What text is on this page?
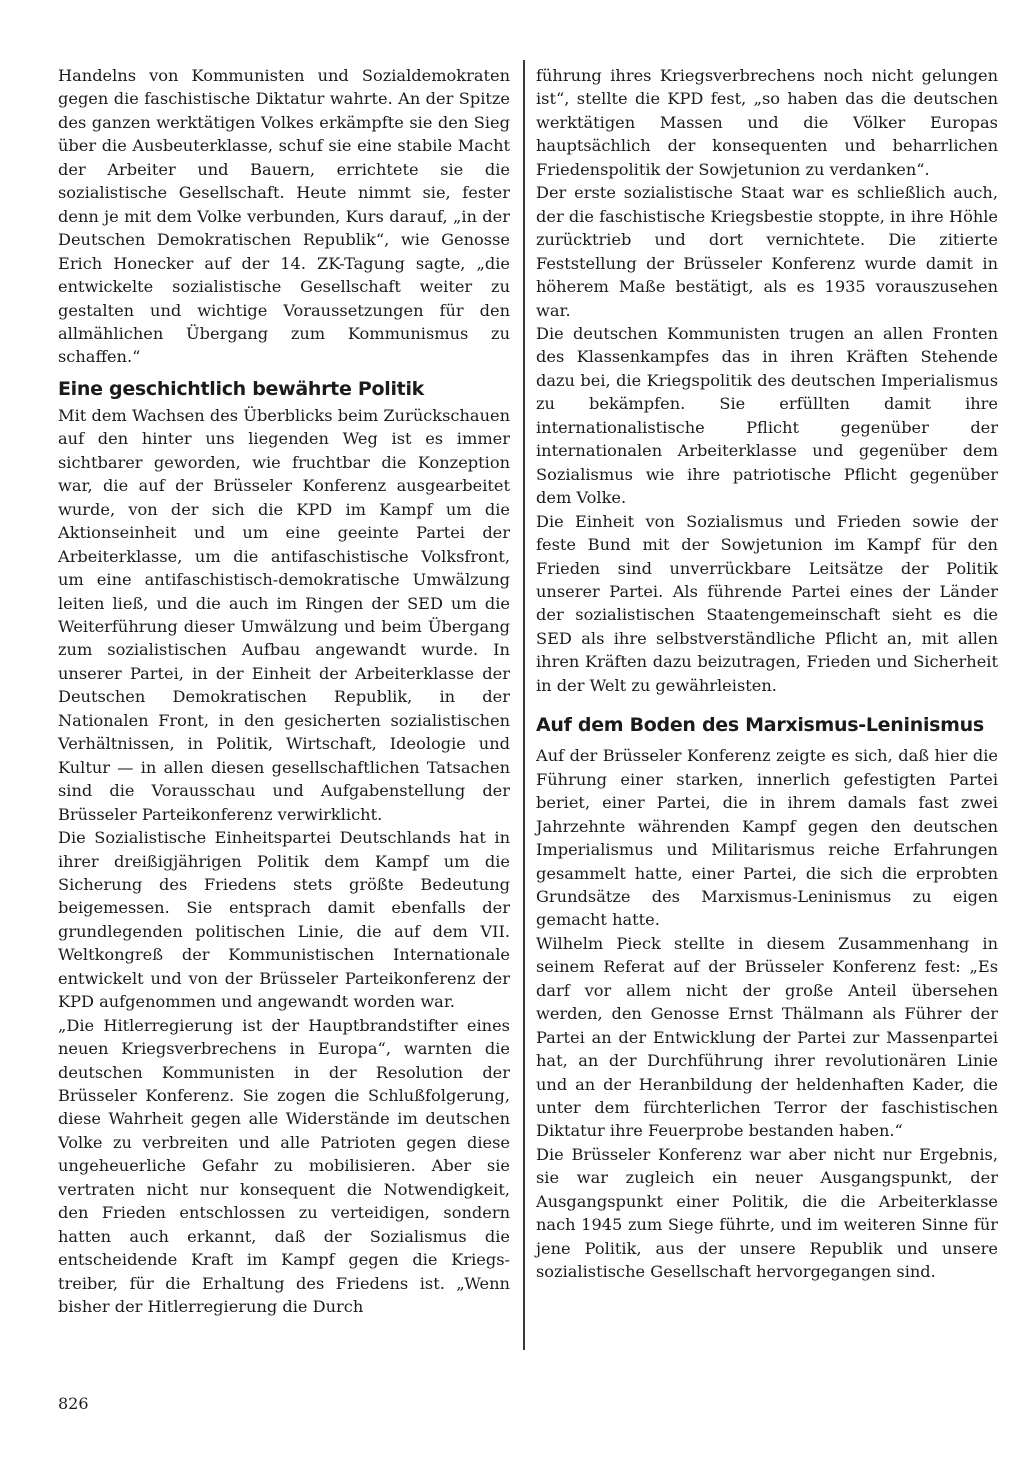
Handelns von Kommunisten und Sozialdemokraten gegen die faschistische Diktatur wahrte. An der Spitze des ganzen werktätigen Volkes erkämpfte sie den Sieg über die Ausbeuterklasse, schuf sie eine stabile Macht der Arbeiter und Bauern, errichtete sie die sozialistische Gesellschaft. Heute nimmt sie, fester denn je mit dem Volke verbunden, Kurs darauf, „in der Deutschen Demokratischen Republik“, wie Genosse Erich Honecker auf der 14. ZK-Tagung sagte, „die entwickelte sozialistische Gesellschaft weiter zu gestalten und wichtige Voraussetzungen für den allmählichen Übergang zum Kommunismus zu schaffen.“

Eine geschichtlich bewährte Politik

Mit dem Wachsen des Überblicks beim Zurückschauen auf den hinter uns liegenden Weg ist es immer sichtbarer geworden, wie fruchtbar die Konzeption war, die auf der Brüsseler Konferenz ausgearbeitet wurde, von der sich die KPD im Kampf um die Aktionseinheit und um eine geeinte Partei der Arbeiterklasse, um die antifaschistische Volksfront, um eine antifaschistisch-demokratische Umwälzung leiten ließ, und die auch im Ringen der SED um die Weiterführung dieser Umwälzung und beim Übergang zum sozialistischen Aufbau angewandt wurde. In unserer Partei, in der Einheit der Arbeiterklasse der Deutschen Demokratischen Republik, in der Nationalen Front, in den gesicherten sozialistischen Verhältnissen, in Politik, Wirtschaft, Ideologie und Kultur — in allen diesen gesellschaftlichen Tatsachen sind die Vorausschau und Aufgabenstellung der Brüsseler Parteikonferenz verwirklicht.

Die Sozialistische Einheitspartei Deutschlands hat in ihrer dreißigjährigen Politik dem Kampf um die Sicherung des Friedens stets größte Bedeutung beigemessen. Sie entsprach damit ebenfalls der grundlegenden politischen Linie, die auf dem VII. Weltkongreß der Kommunistischen Internationale entwickelt und von der Brüsseler Parteikonferenz der KPD aufgenommen und angewandt worden war.

„Die Hitlerregierung ist der Hauptbrandstifter eines neuen Kriegsverbrechens in Europa“, warnten die deutschen Kommunisten in der Resolution der Brüsseler Konferenz. Sie zogen die Schlußfolgerung, diese Wahrheit gegen alle Widerstände im deutschen Volke zu verbreiten und alle Patrioten gegen diese ungeheuerliche Gefahr zu mobilisieren. Aber sie vertraten nicht nur konsequent die Notwendigkeit, den Frieden entschlossen zu verteidigen, sondern hatten auch erkannt, daß der Sozialismus die entscheidende Kraft im Kampf gegen die Kriegstreiber, für die Erhaltung des Friedens ist. „Wenn bisher der Hitlerregierung die Durch

führung ihres Kriegsverbrechens noch nicht gelungen ist“, stellte die KPD fest, „so haben das die deutschen werktätigen Massen und die Völker Europas hauptsächlich der konsequenten und beharrlichen Friedenspolitik der Sowjetunion zu verdanken“.

Der erste sozialistische Staat war es schließlich auch, der die faschistische Kriegsbestie stoppte, in ihre Höhle zurücktrieb und dort vernichtete. Die zitierte Feststellung der Brüsseler Konferenz wurde damit in höherem Maße bestätigt, als es 1935 vorauszusehen war.

Die deutschen Kommunisten trugen an allen Fronten des Klassenkampfes das in ihren Kräften Stehende dazu bei, die Kriegspolitik des deutschen Imperialismus zu bekämpfen. Sie erfüllten damit ihre internationalistische Pflicht gegenüber der internationalen Arbeiterklasse und gegenüber dem Sozialismus wie ihre patriotische Pflicht gegenüber dem Volke.

Die Einheit von Sozialismus und Frieden sowie der feste Bund mit der Sowjetunion im Kampf für den Frieden sind unverrückbare Leitsätze der Politik unserer Partei. Als führende Partei eines der Länder der sozialistischen Staatengemeinschaft sieht es die SED als ihre selbstverständliche Pflicht an, mit allen ihren Kräften dazu beizutragen, Frieden und Sicherheit in der Welt zu gewährleisten.

Auf dem Boden des Marxismus-Leninismus

Auf der Brüsseler Konferenz zeigte es sich, daß hier die Führung einer starken, innerlich gefestigten Partei beriet, einer Partei, die in ihrem damals fast zwei Jahrzehnte währenden Kampf gegen den deutschen Imperialismus und Militarismus reiche Erfahrungen gesammelt hatte, einer Partei, die sich die erprobten Grundsätze des Marxismus-Leninismus zu eigen gemacht hatte.

Wilhelm Pieck stellte in diesem Zusammenhang in seinem Referat auf der Brüsseler Konferenz fest: „Es darf vor allem nicht der große Anteil übersehen werden, den Genosse Ernst Thälmann als Führer der Partei an der Entwicklung der Partei zur Massenpartei hat, an der Durchführung ihrer revolutionären Linie und an der Heranbildung der heldenhaften Kader, die unter dem fürchterlichen Terror der faschistischen Diktatur ihre Feuerprobe bestanden haben.“

Die Brüsseler Konferenz war aber nicht nur Ergebnis, sie war zugleich ein neuer Ausgangspunkt, der Ausgangspunkt einer Politik, die die Arbeiterklasse nach 1945 zum Siege führte, und im weiteren Sinne für jene Politik, aus der unsere Republik und unsere sozialistische Gesellschaft hervorgegangen sind.

826
